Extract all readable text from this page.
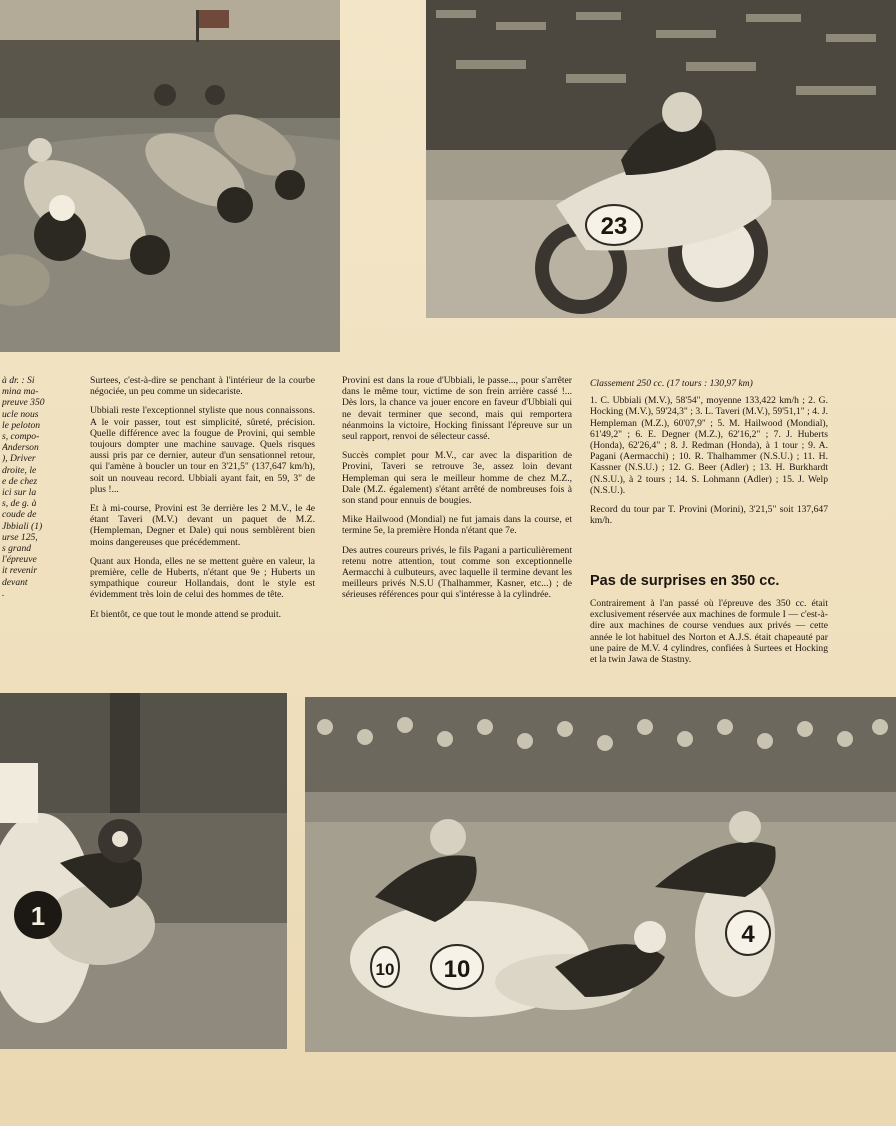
23
à dr. : Si
mina ma-
preuve 350
ucle nous
le peloton
s, compo-
Anderson
), Driver
droite, le
e de chez
ici sur la
s, de g. à
coude de
Jbbiali (1)
urse 125,
s grand
l'épreuve
it revenir
devant
.

Surtees, c'est-à-dire se penchant à l'intérieur de la courbe négociée, un peu comme un sidecariste.

Ubbiali reste l'exceptionnel styliste que nous connaissons. A le voir passer, tout est simplicité, sûreté, précision. Quelle différence avec la fougue de Provini, qui semble toujours dompter une machine sauvage. Quels risques aussi pris par ce dernier, auteur d'un sensationnel retour, qui l'amène à boucler un tour en 3'21,5" (137,647 km/h), soit un nouveau record. Ubbiali ayant fait, en 59, 3" de plus !...

Et à mi-course, Provini est 3e derrière les 2 M.V., le 4e étant Taveri (M.V.) devant un paquet de M.Z. (Hempleman, Degner et Dale) qui nous semblèrent bien moins dangereuses que précédemment.

Quant aux Honda, elles ne se mettent guère en valeur, la première, celle de Huberts, n'étant que 9e ; Huberts un sympathique coureur Hollandais, dont le style est évidemment très loin de celui des hommes de tête.

Et bientôt, ce que tout le monde attend se produit.

Provini est dans la roue d'Ubbiali, le passe..., pour s'arrêter dans le même tour, victime de son frein arrière cassé !... Dès lors, la chance va jouer encore en faveur d'Ubbiali qui ne devait terminer que second, mais qui remportera néanmoins la victoire, Hocking finissant l'épreuve sur un seul rapport, renvoi de sélecteur cassé.

Succès complet pour M.V., car avec la disparition de Provini, Taveri se retrouve 3e, assez loin devant Hempleman qui sera le meilleur homme de chez M.Z., Dale (M.Z. également) s'étant arrêté de nombreuses fois à son stand pour ennuis de bougies.

Mike Hailwood (Mondial) ne fut jamais dans la course, et termine 5e, la première Honda n'étant que 7e.

Des autres coureurs privés, le fils Pagani a particulièrement retenu notre attention, tout comme son exceptionnelle Aermacchi à culbuteurs, avec laquelle il termine devant les meilleurs privés N.S.U (Thalhammer, Kasner, etc...) ; de sérieuses références pour qui s'intéresse à la cylindrée.

Classement 250 cc. (17 tours : 130,97 km)

1. C. Ubbiali (M.V.), 58'54", moyenne 133,422 km/h ; 2. G. Hocking (M.V.), 59'24,3" ; 3. L. Taveri (M.V.), 59'51,1" ; 4. J. Hempleman (M.Z.), 60'07,9" ; 5. M. Hailwood (Mondial), 61'49,2" ; 6. E. Degner (M.Z.), 62'16,2" ; 7. J. Huberts (Honda), 62'26,4" ; 8. J. Redman (Honda), à 1 tour ; 9. A. Pagani (Aermacchi) ; 10. R. Thalhammer (N.S.U.) ; 11. H. Kassner (N.S.U.) ; 12. G. Beer (Adler) ; 13. H. Burkhardt (N.S.U.), à 2 tours ; 14. S. Lohmann (Adler) ; 15. J. Welp (N.S.U.).

Record du tour par T. Provini (Morini), 3'21,5" soit 137,647 km/h.

Pas de surprises en 350 cc.

Contrairement à l'an passé où l'épreuve des 350 cc. était exclusivement réservée aux machines de formule I — c'est-à-dire aux machines de course vendues aux privés — cette année le lot habituel des Norton et A.J.S. était chapeauté par une paire de M.V. 4 cylindres, confiées à Surtees et Hocking et la twin Jawa de Stastny.

1
10
10
4
